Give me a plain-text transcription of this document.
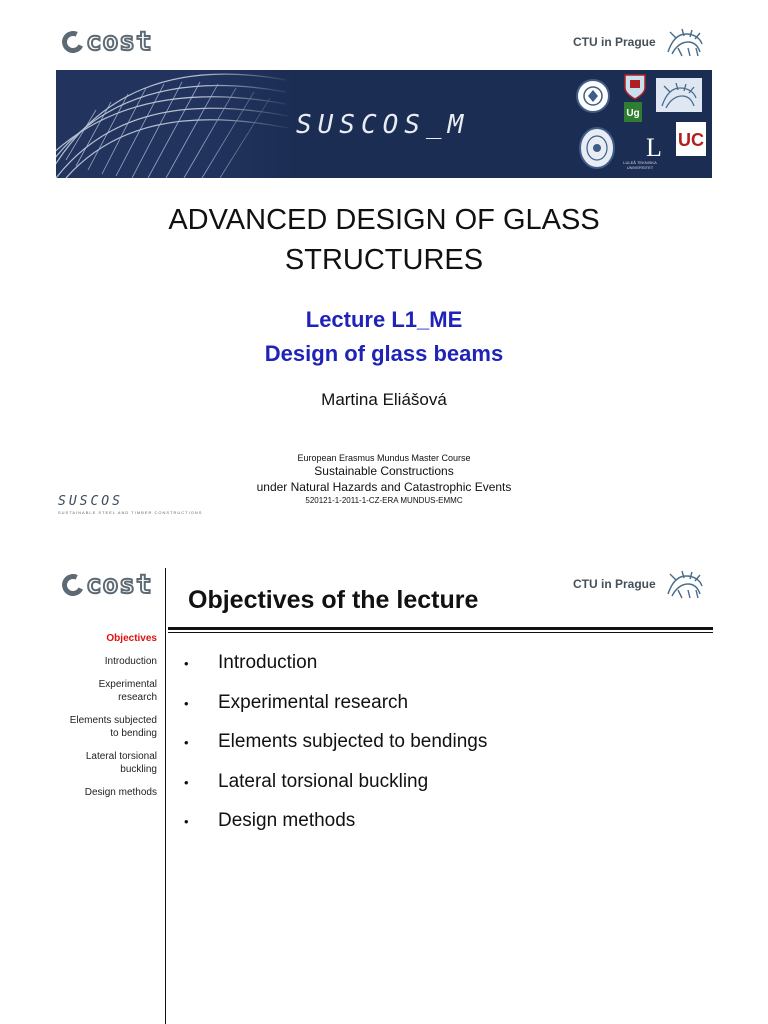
cost	CTU in Prague
SUSCOS_M	Ug
L
LULEÅ TEKNISKA
UNIVERSITET
UC
ADVANCED DESIGN OF GLASS
STRUCTURES
Lecture L1_ME
Design of glass beams
Martina Eliášová
European Erasmus Mundus Master Course
Sustainable Constructions
under Natural Hazards and Catastrophic Events
520121-1-2011-1-CZ-ERA MUNDUS-EMMC
SUSCOS
SUSTAINABLE STEEL AND TIMBER CONSTRUCTIONS
cost	CTU in Prague
Objectives of the lecture
Objectives
Introduction
Experimental research
Elements subjected to bending
Lateral torsional buckling
Design methods
•	Introduction
•	Experimental research
•	Elements subjected to bendings
•	Lateral torsional buckling
•	Design methods
